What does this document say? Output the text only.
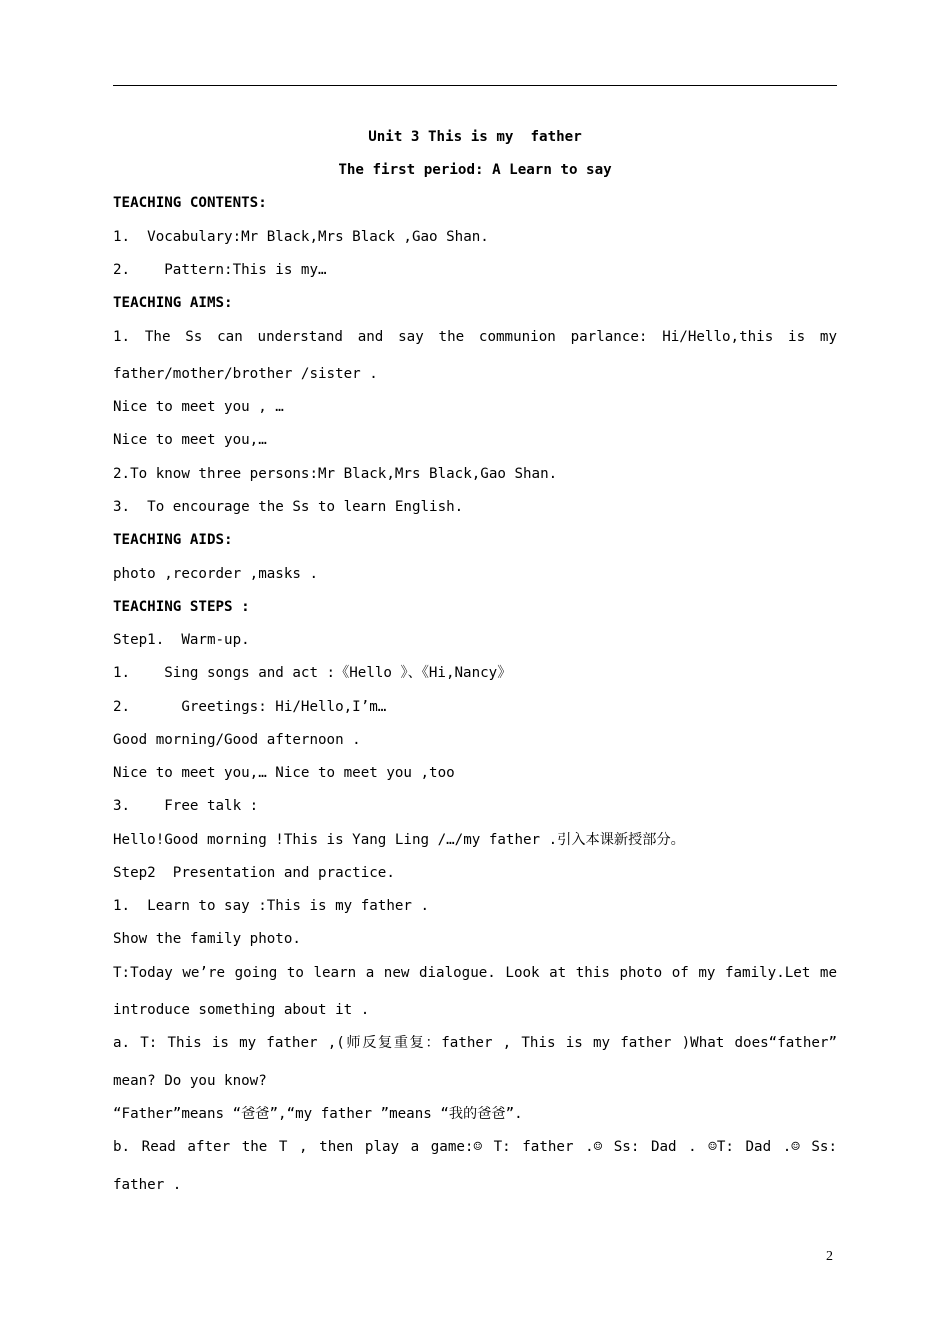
Unit 3 This is my  father
The first period: A Learn to say
TEACHING CONTENTS:
1.  Vocabulary:Mr Black,Mrs Black ,Gao Shan.
2.    Pattern:This is my…
TEACHING AIMS:
1. The Ss can understand and say the communion parlance: Hi/Hello,this is my
father/mother/brother /sister .
Nice to meet you , …
Nice to meet you,…
2.To know three persons:Mr Black,Mrs Black,Gao Shan.
3.  To encourage the Ss to learn English.
TEACHING AIDS:
photo ,recorder ,masks .
TEACHING STEPS :
Step1.  Warm-up.
1.    Sing songs and act :《Hello 》、《Hi,Nancy》
2.      Greetings: Hi/Hello,I’m…
Good morning/Good afternoon .
Nice to meet you,… Nice to meet you ,too
3.    Free talk :
Hello!Good morning !This is Yang Ling /…/my father .引入本课新授部分。
Step2  Presentation and practice.
1.  Learn to say :This is my father .
Show the family photo.
T:Today we’re going to learn a new dialogue. Look at this photo of my family.Let me
introduce something about it .
a. T: This is my father ,(师反复重复：father , This is my father )What does“father”
mean? Do you know?
“Father”means “爸爸”,“my father ”means “我的爸爸”.
b. Read after the T , then play a game:☺ T: father .☺ Ss: Dad . ☺T: Dad .☺ Ss:
father .
2
